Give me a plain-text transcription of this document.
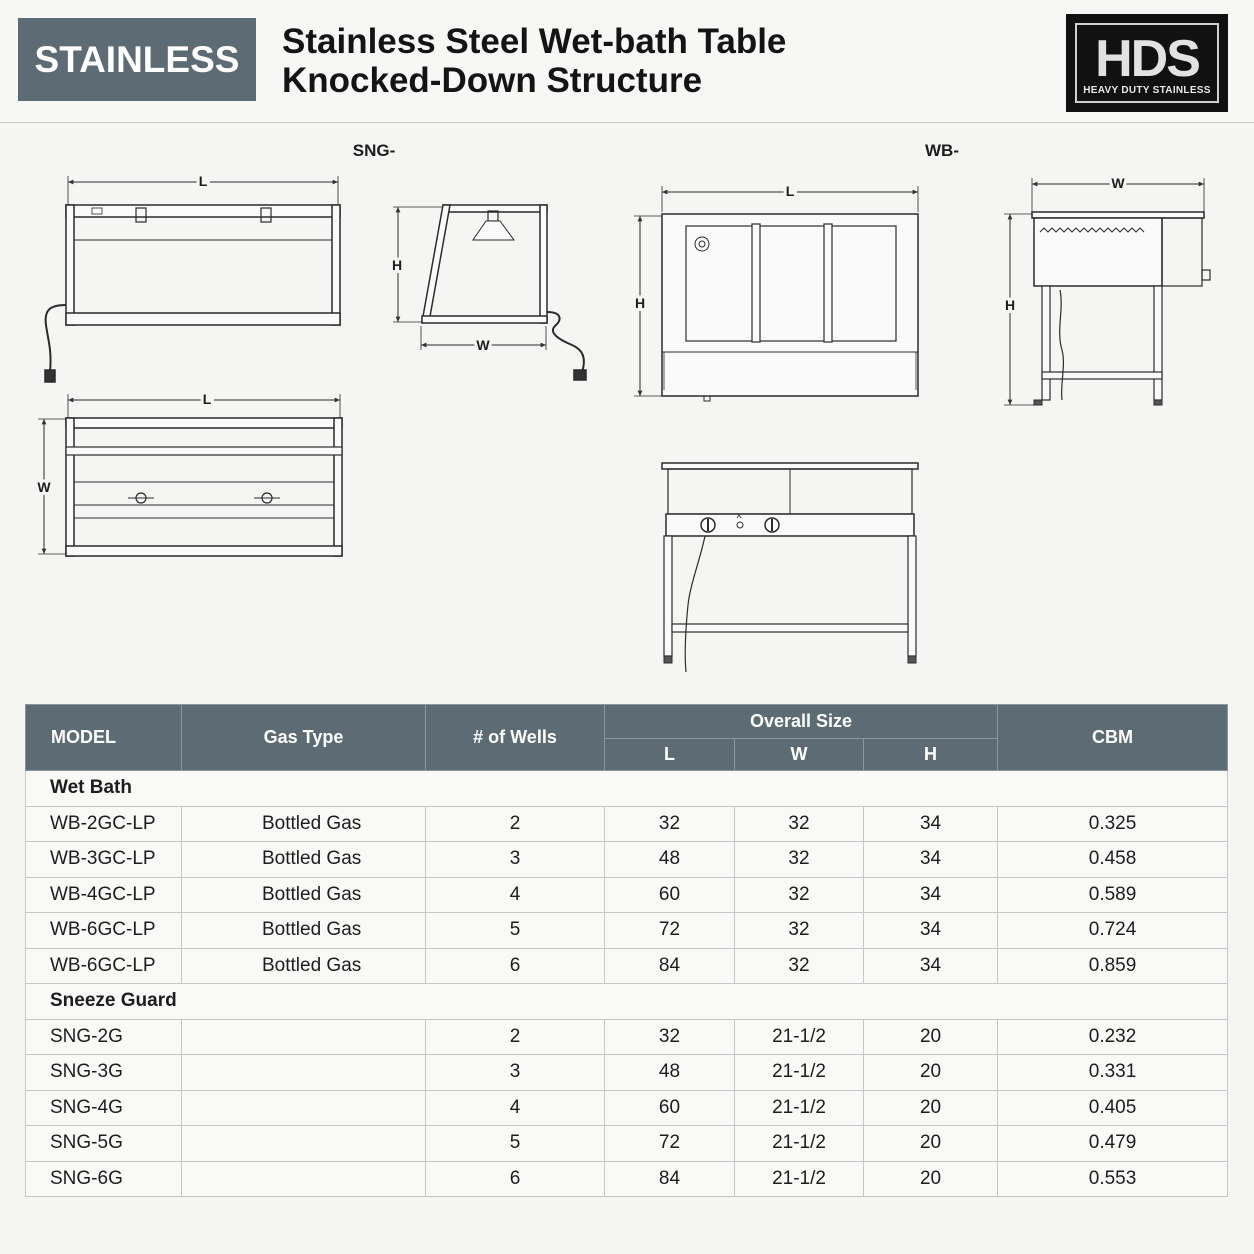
STAINLESS	Stainless Steel Wet-bath Table
Knocked-Down Structure	HDS
HEAVY DUTY STAINLESS
SNG-	WB-
L
H
W
L
W
L
H
W
H
MODEL	Gas Type	# of Wells	Overall Size			CBM
			L	W	H	
Wet Bath						
WB-2GC-LP	Bottled Gas	2	32	32	34	0.325
WB-3GC-LP	Bottled Gas	3	48	32	34	0.458
WB-4GC-LP	Bottled Gas	4	60	32	34	0.589
WB-6GC-LP	Bottled Gas	5	72	32	34	0.724
WB-6GC-LP	Bottled Gas	6	84	32	34	0.859
Sneeze Guard						
SNG-2G		2	32	21-1/2	20	0.232
SNG-3G		3	48	21-1/2	20	0.331
SNG-4G		4	60	21-1/2	20	0.405
SNG-5G		5	72	21-1/2	20	0.479
SNG-6G		6	84	21-1/2	20	0.553
